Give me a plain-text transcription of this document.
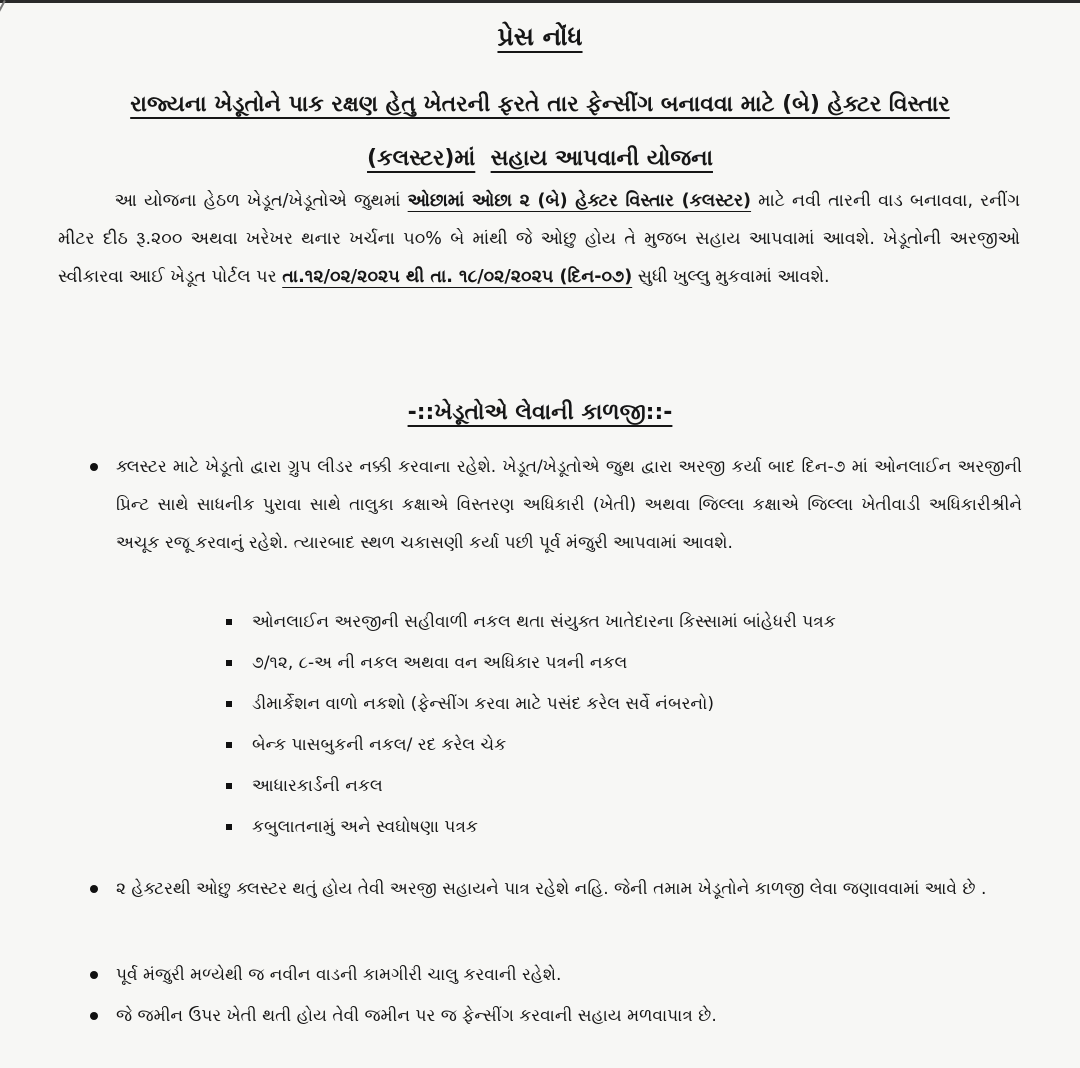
પ્રેસ નોંધ
રાજ્યના ખેડૂતોને પાક રક્ષણ હેતુ ખેતરની ફરતે તાર ફેન્સીંગ બનાવવા માટે (બે) હેક્ટર વિસ્તાર
(કલસ્ટર)માં સહાય આપવાની યોજના
આ યોજના હેઠળ ખેડૂત/ખેડૂતોએ જુથમાં ઓછામાં ઓછા ૨ (બે) હેક્ટર વિસ્તાર (કલસ્ટર) માટે નવી તારની વાડ બનાવવા, રનીંગ મીટર દીઠ રૂ.૨૦૦ અથવા ખરેખર થનાર ખર્ચના ૫૦% બે માંથી જે ઓછુ હોય તે મુજબ સહાય આપવામાં આવશે. ખેડૂતોની અરજીઓ સ્વીકારવા આઈ ખેડૂત પોર્ટલ પર તા.૧૨/૦૨/૨૦૨૫ થી તા. ૧૮/૦૨/૨૦૨૫ (દિન-૦૭) સુધી ખુલ્લુ મુકવામાં આવશે.
-::ખેડૂતોએ લેવાની કાળજી::-
ક્લસ્ટર માટે ખેડૂતો દ્વારા ગ્રુપ લીડર નક્કી કરવાના રહેશે. ખેડૂત/ખેડૂતોએ જુથ દ્વારા અરજી કર્યા બાદ દિન-૭ માં ઓનલાઈન અરજીની પ્રિન્ટ સાથે સાધનીક પુરાવા સાથે તાલુકા કક્ષાએ વિસ્તરણ અધિકારી (ખેતી) અથવા જિલ્લા કક્ષાએ જિલ્લા ખેતીવાડી અધિકારીશ્રીને અચૂક રજૂ કરવાનું રહેશે. ત્યારબાદ સ્થળ ચકાસણી કર્યા પછી પૂર્વ મંજુરી આપવામાં આવશે.
ઓનલાઈન અરજીની સહીવાળી નકલ થતા સંયુક્ત ખાતેદારના કિસ્સામાં બાંહેધરી પત્રક
૭/૧૨, ૮-અ ની નકલ અથવા વન અધિકાર પત્રની નકલ
ડીમાર્કેશન વાળો નકશો (ફેન્સીંગ કરવા માટે પસંદ કરેલ સર્વે નંબરનો)
બેન્ક પાસબુકની નકલ/ રદ કરેલ ચેક
આધારકાર્ડની નકલ
કબુલાતનામું અને સ્વઘોષણા પત્રક
૨ હેક્ટરથી ઓછુ ક્લસ્ટર થતું હોય તેવી અરજી સહાયને પાત્ર રહેશે નહિ. જેની તમામ ખેડૂતોને કાળજી લેવા જણાવવામાં આવે છે .
પૂર્વ મંજુરી મળ્યેથી જ નવીન વાડની કામગીરી ચાલુ કરવાની રહેશે.
જે જમીન ઉપર ખેતી થતી હોય તેવી જમીન પર જ ફેન્સીંગ કરવાની સહાય મળવાપાત્ર છે.
